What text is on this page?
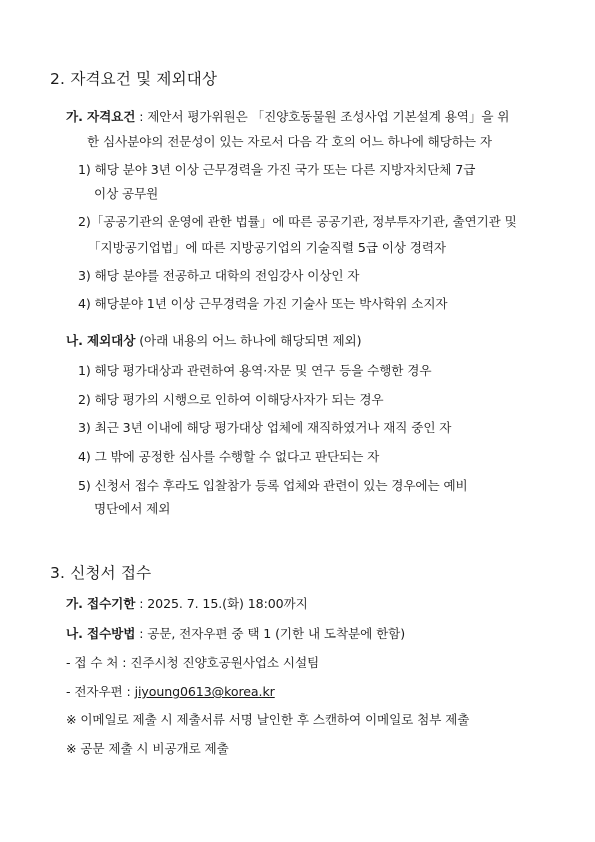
2. 자격요건 및 제외대상
가. 자격요건 : 제안서 평가위원은 「진양호동물원 조성사업 기본설계 용역」을 위
한 심사분야의 전문성이 있는 자로서 다음 각 호의 어느 하나에 해당하는 자
1) 해당 분야 3년 이상 근무경력을 가진 국가 또는 다른 지방자치단체 7급
이상 공무원
2)「공공기관의 운영에 관한 법률」에 따른 공공기관, 정부투자기관, 출연기관 및
「지방공기업법」에 따른 지방공기업의 기술직렬 5급 이상 경력자
3) 해당 분야를 전공하고 대학의 전임강사 이상인 자
4) 해당분야 1년 이상 근무경력을 가진 기술사 또는 박사학위 소지자
나. 제외대상 (아래 내용의 어느 하나에 해당되면 제외)
1) 해당 평가대상과 관련하여 용역·자문 및 연구 등을 수행한 경우
2) 해당 평가의 시행으로 인하여 이해당사자가 되는 경우
3) 최근 3년 이내에 해당 평가대상 업체에 재직하였거나 재직 중인 자
4) 그 밖에 공정한 심사를 수행할 수 없다고 판단되는 자
5) 신청서 접수 후라도 입찰참가 등록 업체와 관련이 있는 경우에는 예비
명단에서 제외
3. 신청서 접수
가. 접수기한 : 2025. 7. 15.(화) 18:00까지
나. 접수방법 : 공문, 전자우편 중 택 1 (기한 내 도착분에 한함)
- 접 수 처 : 진주시청 진양호공원사업소 시설팀
- 전자우편 : jiyoung0613@korea.kr
※ 이메일로 제출 시 제출서류 서명 날인한 후 스캔하여 이메일로 첨부 제출
※ 공문 제출 시 비공개로 제출
